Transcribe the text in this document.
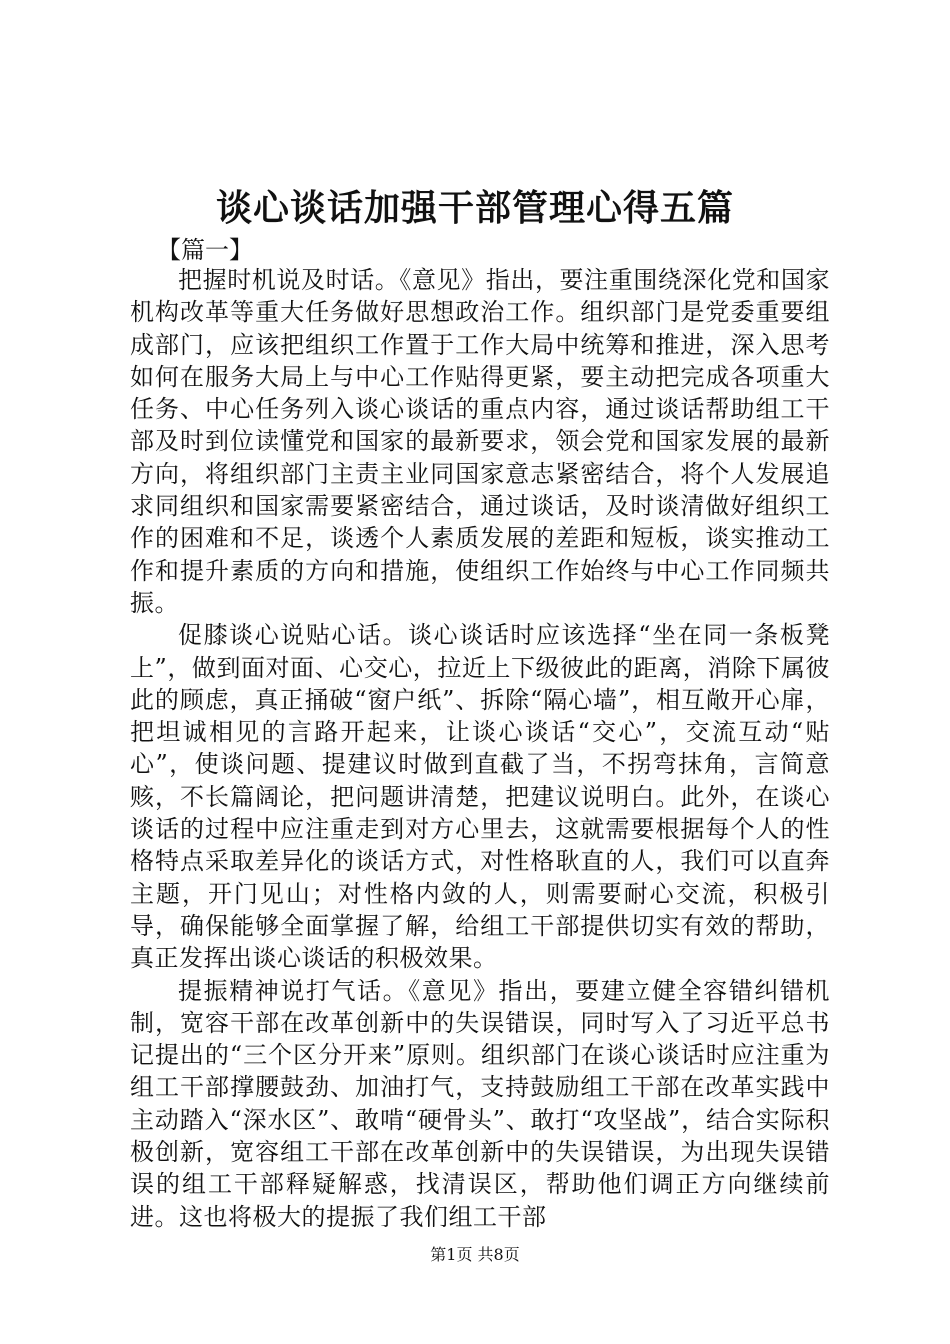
谈心谈话加强干部管理心得五篇
【篇一】

把握时机说及时话。《意见》指出，要注重围绕深化党和国家机构改革等重大任务做好思想政治工作。组织部门是党委重要组成部门，应该把组织工作置于工作大局中统筹和推进，深入思考如何在服务大局上与中心工作贴得更紧，要主动把完成各项重大任务、中心任务列入谈心谈话的重点内容，通过谈话帮助组工干部及时到位读懂党和国家的最新要求，领会党和国家发展的最新方向，将组织部门主责主业同国家意志紧密结合，将个人发展追求同组织和国家需要紧密结合，通过谈话，及时谈清做好组织工作的困难和不足，谈透个人素质发展的差距和短板，谈实推动工作和提升素质的方向和措施，使组织工作始终与中心工作同频共振。

促膝谈心说贴心话。谈心谈话时应该选择“坐在同一条板凳上”，做到面对面、心交心，拉近上下级彼此的距离，消除下属彼此的顾虑，真正捅破“窗户纸”、拆除“隔心墙”，相互敞开心扉，把坦诚相见的言路开起来，让谈心谈话“交心”，交流互动“贴心”，使谈问题、提建议时做到直截了当，不拐弯抹角，言简意赅，不长篇阔论，把问题讲清楚，把建议说明白。此外，在谈心谈话的过程中应注重走到对方心里去，这就需要根据每个人的性格特点采取差异化的谈话方式，对性格耿直的人，我们可以直奔主题，开门见山；对性格内敛的人，则需要耐心交流，积极引导，确保能够全面掌握了解，给组工干部提供切实有效的帮助，真正发挥出谈心谈话的积极效果。

提振精神说打气话。《意见》指出，要建立健全容错纠错机制，宽容干部在改革创新中的失误错误，同时写入了习近平总书记提出的“三个区分开来”原则。组织部门在谈心谈话时应注重为组工干部撑腰鼓劲、加油打气，支持鼓励组工干部在改革实践中主动踏入“深水区”、敢啃“硬骨头”、敢打“攻坚战”，结合实际积极创新，宽容组工干部在改革创新中的失误错误，为出现失误错误的组工干部释疑解惑，找清误区，帮助他们调正方向继续前进。这也将极大的提振了我们组工干部

第1页 共8页
